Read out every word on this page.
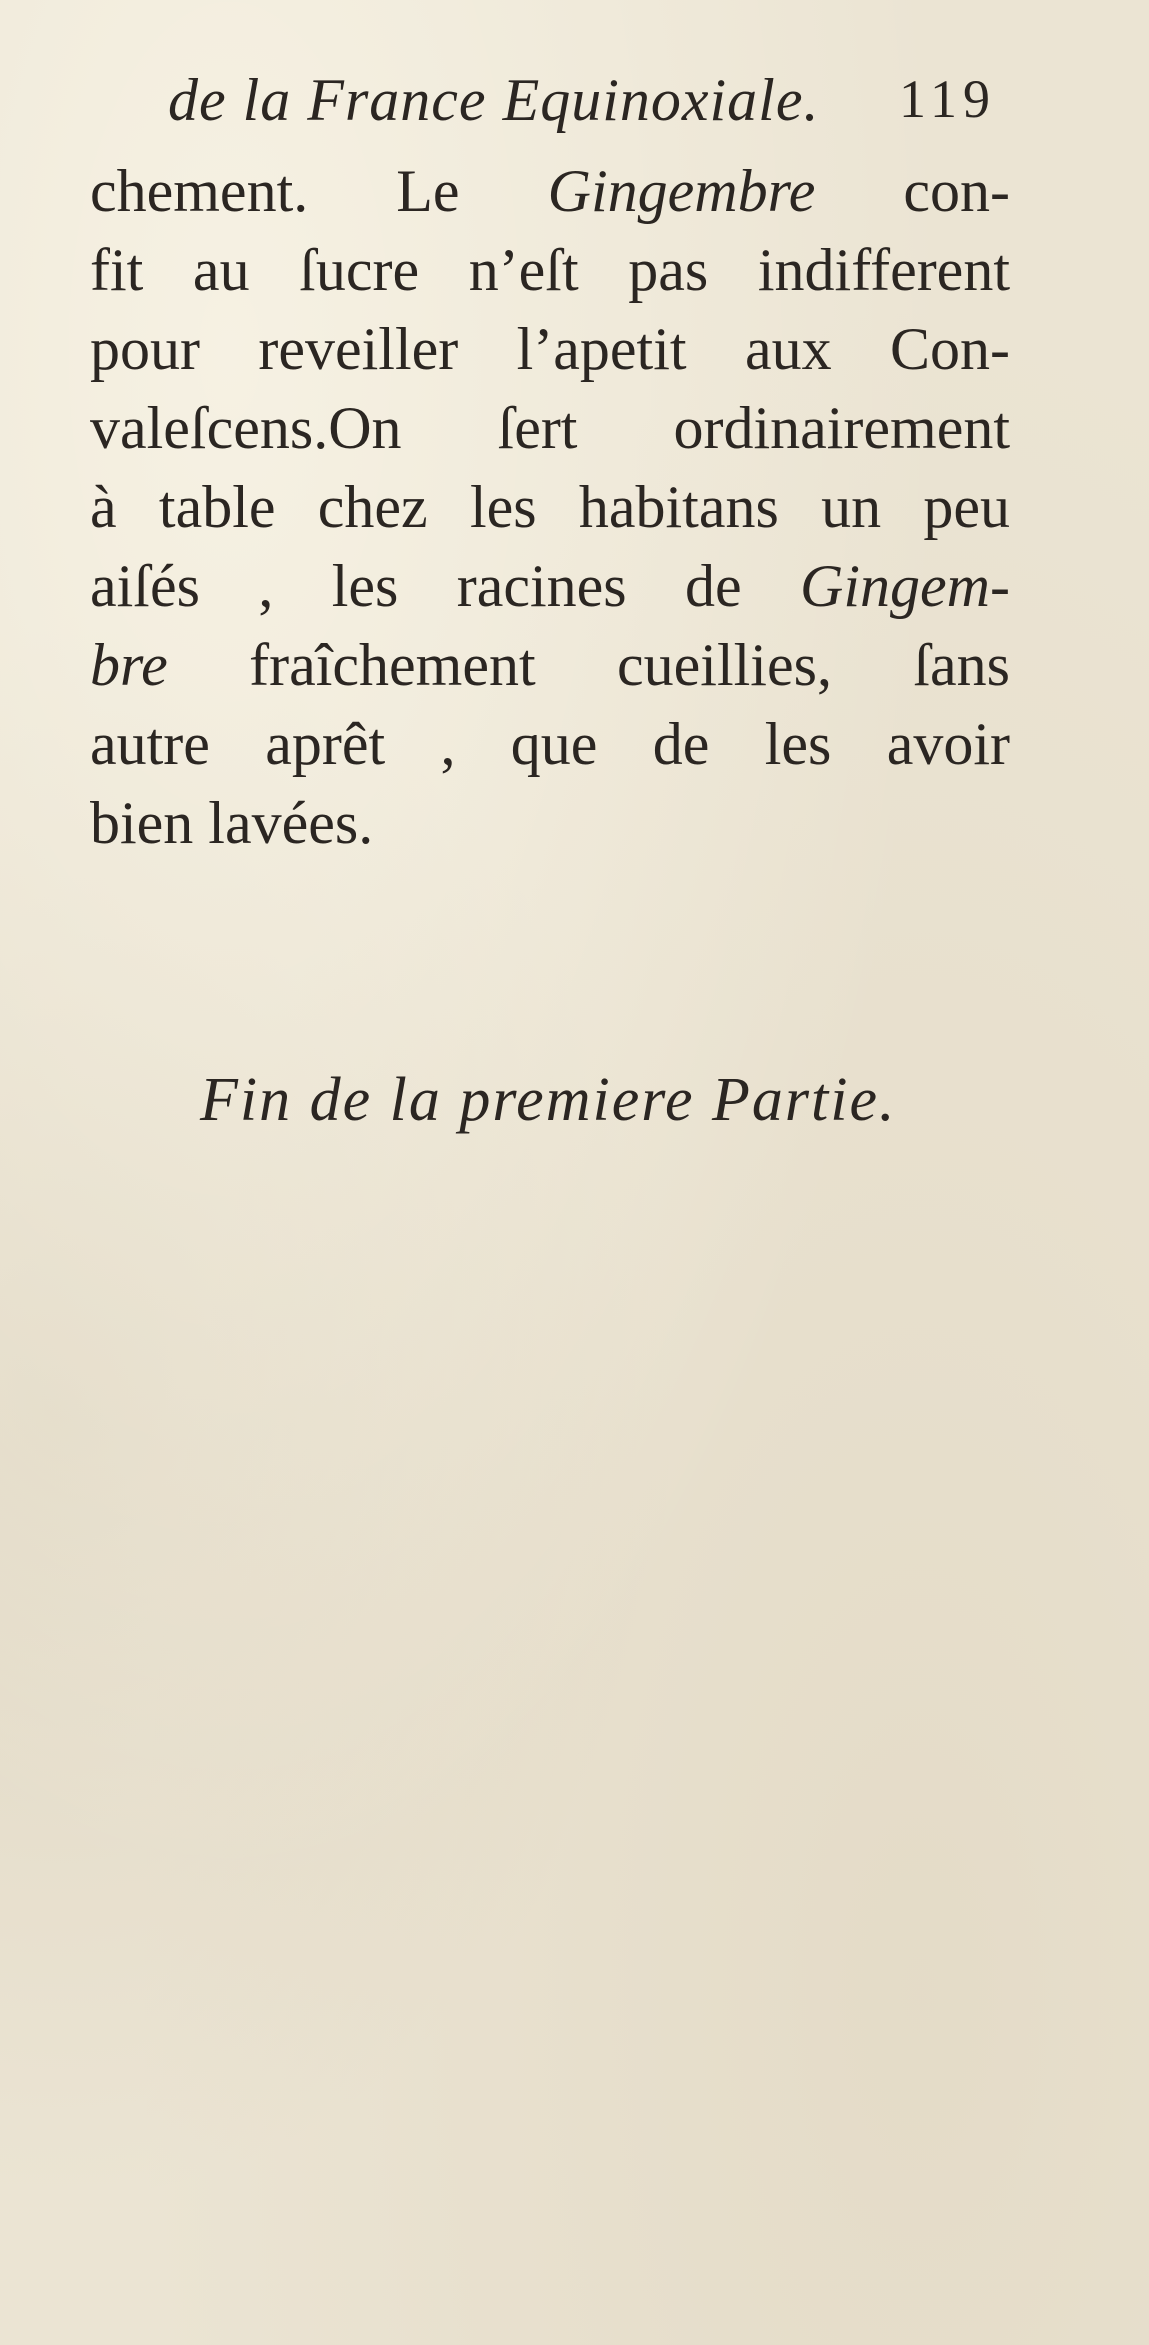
de la France Equinoxiale. 119
chement. Le Gingembre con-
fit au ſucre n’eſt pas indifferent
pour reveiller l’apetit aux Con-
valeſcens.On ſert ordinairement
à table chez les habitans un peu
aiſés , les racines de Gingem-
bre fraîchement cueillies, ſans
autre aprêt , que de les avoir
bien lavées.
Fin de la premiere Partie.
